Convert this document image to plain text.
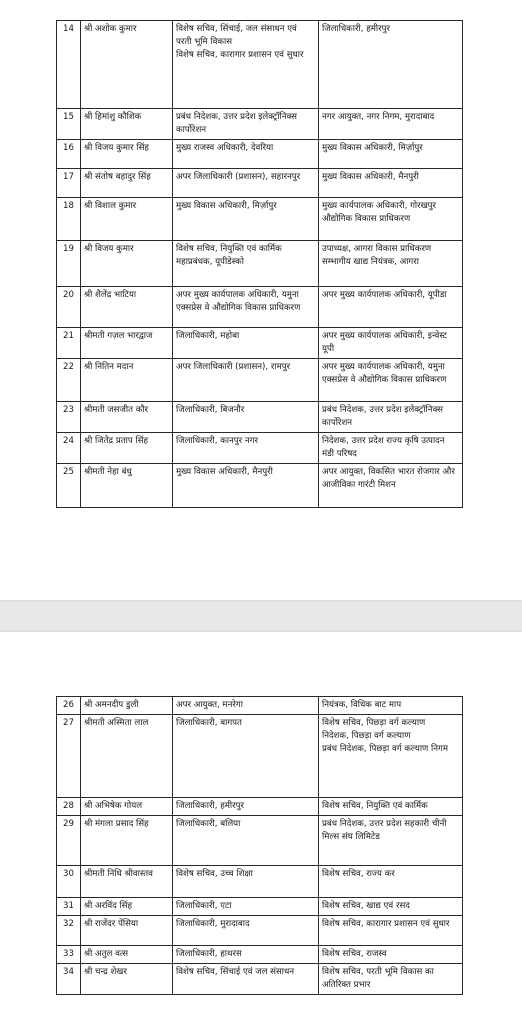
14	श्री अशोक कुमार	विशेष सचिव, सिंचाई, जल संसाधन एवं परती भूमि विकास
विशेष सचिव, कारागार प्रशासन एवं सुधार	जिलाधिकारी, हमीरपुर

15	श्री हिमांशु कौशिक	प्रबंध निदेशक, उत्तर प्रदेश इलेक्ट्रॉनिक्स कार्पोरेशन	नगर आयुक्त, नगर निगम, मुरादाबाद

16	श्री विजय कुमार सिंह	मुख्य राजस्व अधिकारी, देवरिया	मुख्य विकास अधिकारी, मिर्ज़ापुर

17	श्री संतोष बहादुर सिंह	अपर जिलाधिकारी (प्रशासन), सहारनपुर	मुख्य विकास अधिकारी, मैनपुरी

18	श्री विशाल कुमार	मुख्य विकास अधिकारी, मिर्ज़ापुर	मुख्य कार्यपालक अधिकारी, गोरखपुर औद्योगिक विकास प्राधिकरण

19	श्री विजय कुमार	विशेष सचिव, नियुक्ति एवं कार्मिक
महाप्रबंधक, यूपीडेस्को	उपाध्यक्ष, आगरा विकास प्राधिकरण
सम्भागीय खाद्य नियंत्रक, आगरा

20	श्री शैलेंद्र भाटिया	अपर मुख्य कार्यपालक अधिकारी, यमुना एक्सप्रेस वे औद्योगिक विकास प्राधिकरण	अपर मुख्य कार्यपालक अधिकारी, यूपीडा

21	श्रीमती गज़ल भारद्वाज	जिलाधिकारी, महोबा	अपर मुख्य कार्यपालक अधिकारी, इन्वेस्ट यूपी

22	श्री नितिन मदान	अपर जिलाधिकारी (प्रशासन), रामपुर	अपर मुख्य कार्यपालक अधिकारी, यमुना एक्सप्रेस वे औद्योगिक विकास प्राधिकरण

23	श्रीमती जसजीत कौर	जिलाधिकारी, बिजनौर	प्रबंध निदेशक, उत्तर प्रदेश इलेक्ट्रॉनिक्स कार्पोरेशन

24	श्री जितेंद्र प्रताप सिंह	जिलाधिकारी, कानपुर नगर	निदेशक, उत्तर प्रदेश राज्य कृषि उत्पादन मंडी परिषद

25	श्रीमती नेहा बंधु	मुख्य विकास अधिकारी, मैनपुरी	अपर आयुक्त, विकसित भारत रोजगार और आजीविका गारंटी मिशन
26	श्री अमनदीप डुली	अपर आयुक्त, मनरेगा	नियंत्रक, विधिक बाट माप

27	श्रीमती अस्मिता लाल	जिलाधिकारी, बागपत	विशेष सचिव, पिछड़ा वर्ग कल्याण
निदेशक, पिछड़ा वर्ग कल्याण
प्रबंध निदेशक, पिछड़ा वर्ग कल्याण निगम

28	श्री अभिषेक गोयल	जिलाधिकारी, हमीरपुर	विशेष सचिव, नियुक्ति एवं कार्मिक

29	श्री मंगला प्रसाद सिंह	जिलाधिकारी, बलिया	प्रबंध निदेशक, उत्तर प्रदेश सहकारी चीनी मिल्स संघ लिमिटेड

30	श्रीमती निधि श्रीवास्तव	विशेष सचिव, उच्च शिक्षा	विशेष सचिव, राज्य कर

31	श्री अरविंद सिंह	जिलाधिकारी, एटा	विशेष सचिव, खाद्य एवं रसद

32	श्री राजेंदर पेंसिया	जिलाधिकारी, मुरादाबाद	विशेष सचिव, कारागार प्रशासन एवं सुधार

33	श्री अतुल वत्स	जिलाधिकारी, हाथरस	विशेष सचिव, राजस्व

34	श्री चन्द्र शेखर	विशेष सचिव, सिंचाई एवं जल संसाधन	विशेष सचिव, परती भूमि विकास का अतिरिक्त प्रभार
